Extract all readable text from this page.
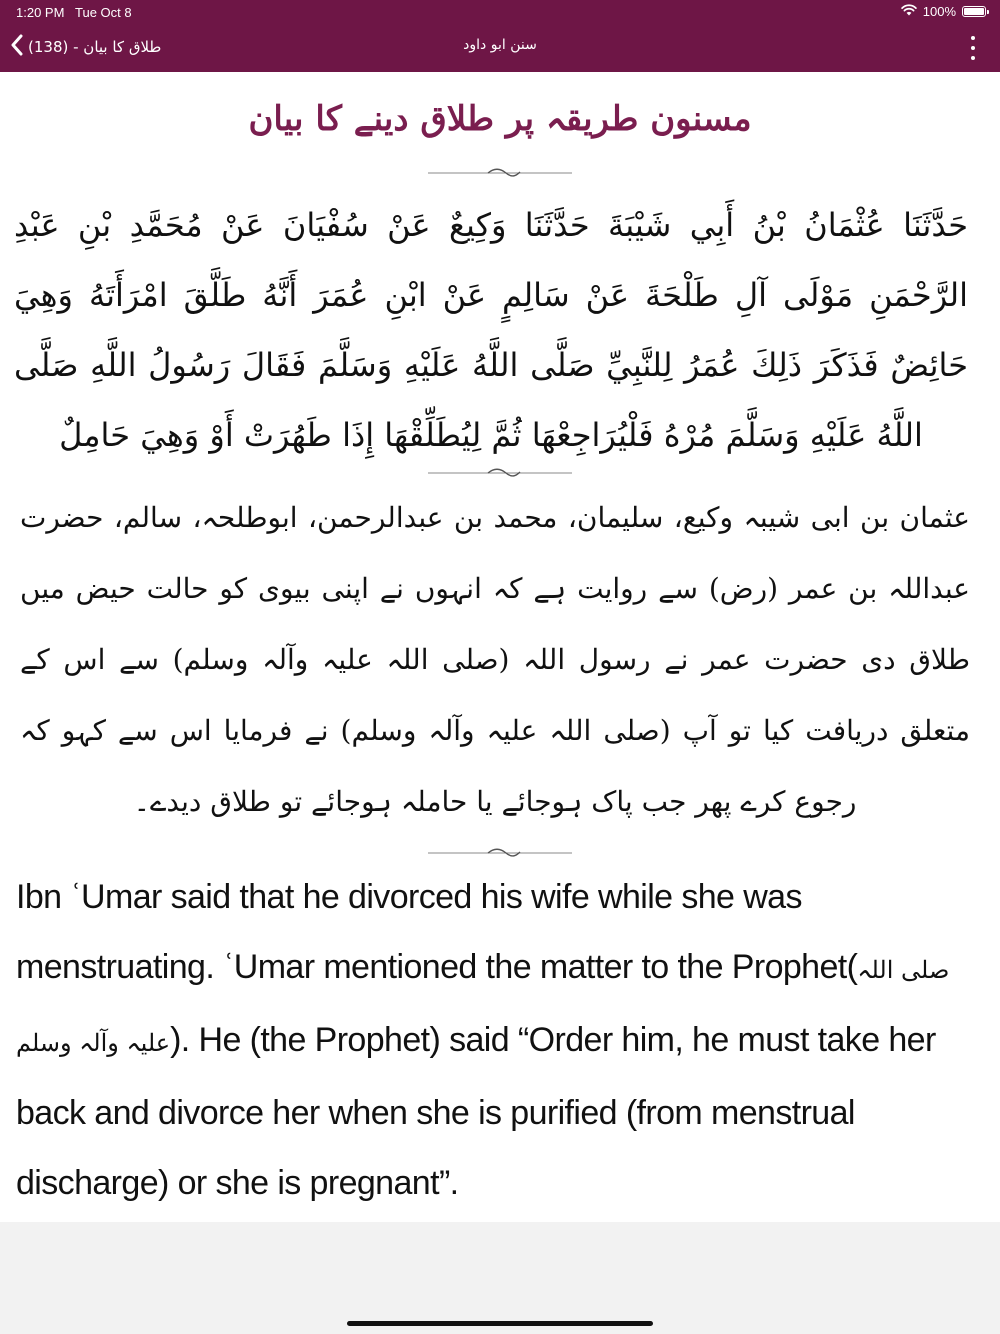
1:20 PM Tue Oct 8	100%
طلاق کا بیان - (138)	سنن ابو داود
مسنون طریقہ پر طلاق دینے کا بیان
حَدَّثَنَا عُثْمَانُ بْنُ أَبِي شَيْبَةَ حَدَّثَنَا وَكِيعٌ عَنْ سُفْيَانَ عَنْ مُحَمَّدِ بْنِ عَبْدِ الرَّحْمَنِ مَوْلَى آلِ طَلْحَةَ عَنْ سَالِمٍ عَنْ ابْنِ عُمَرَ أَنَّهُ طَلَّقَ امْرَأَتَهُ وَهِيَ حَائِضٌ فَذَكَرَ ذَلِكَ عُمَرُ لِلنَّبِيِّ صَلَّى اللَّهُ عَلَيْهِ وَسَلَّمَ فَقَالَ رَسُولُ اللَّهِ صَلَّى اللَّهُ عَلَيْهِ وَسَلَّمَ مُرْهُ فَلْيُرَاجِعْهَا ثُمَّ لِيُطَلِّقْهَا إِذَا طَهُرَتْ أَوْ وَهِيَ حَامِلٌ
عثمان بن ابی شیبہ وکیع، سلیمان، محمد بن عبدالرحمن، ابوطلحہ، سالم، حضرت عبداللہ بن عمر (رض) سے روایت ہے کہ انہوں نے اپنی بیوی کو حالت حیض میں طلاق دی حضرت عمر نے رسول اللہ (صلی اللہ علیہ وآلہ وسلم) سے اس کے متعلق دریافت کیا تو آپ (صلی اللہ علیہ وآلہ وسلم) نے فرمایا اس سے کہو کہ رجوع کرے پھر جب پاک ہوجائے یا حاملہ ہوجائے تو طلاق دیدے۔
Ibn ʿUmar said that he divorced his wife while she was menstruating. ʿUmar mentioned the matter to the Prophet(صلی اللہ علیہ وآلہ وسلم). He (the Prophet) said “Order him, he must take her back and divorce her when she is purified (from menstrual discharge) or she is pregnant”.
